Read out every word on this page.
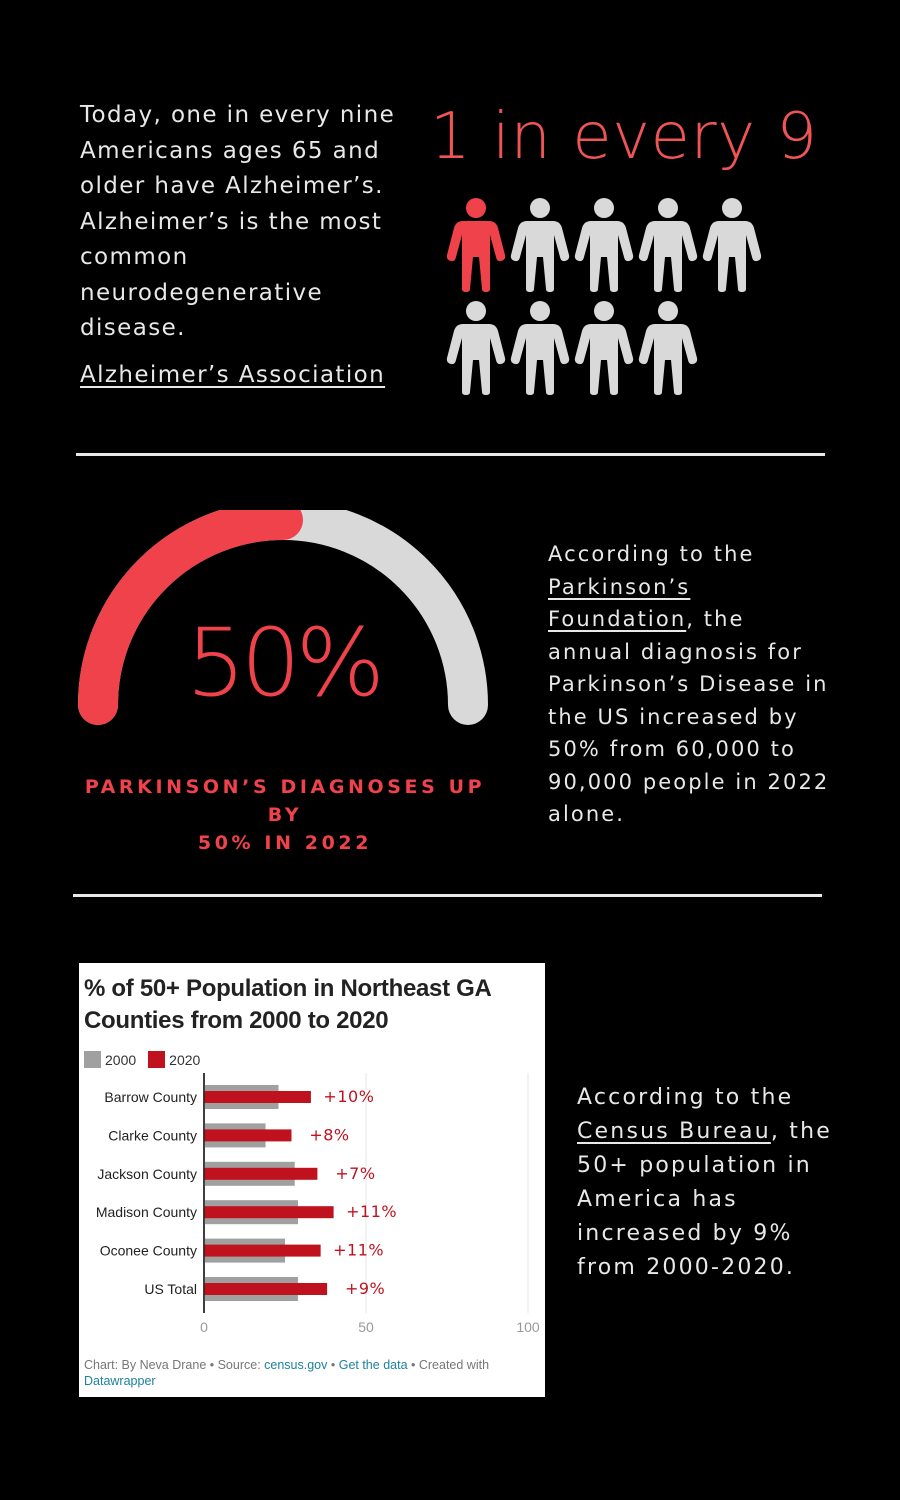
Today, one in every nine
Americans ages 65 and
older have Alzheimer’s.
Alzheimer’s is the most
common
neurodegenerative
disease.
Alzheimer’s Association
1 in every 9
50%
PARKINSON’S DIAGNOSES UP BY
50% IN 2022
According to the
Parkinson’s
Foundation, the
annual diagnosis for
Parkinson’s Disease in
the US increased by
50% from 60,000 to
90,000 people in 2022
alone.
% of 50+ Population in Northeast GA
Counties from 2000 to 2020
2000 2020
Barrow County	+10%
Clarke County	+8%
Jackson County	+7%
Madison County	+11%
Oconee County	+11%
US Total	+9%
0	50	100
Chart: By Neva Drane • Source: census.gov • Get the data • Created with
Datawrapper
According to the
Census Bureau, the
50+ population in
America has
increased by 9%
from 2000-2020.
